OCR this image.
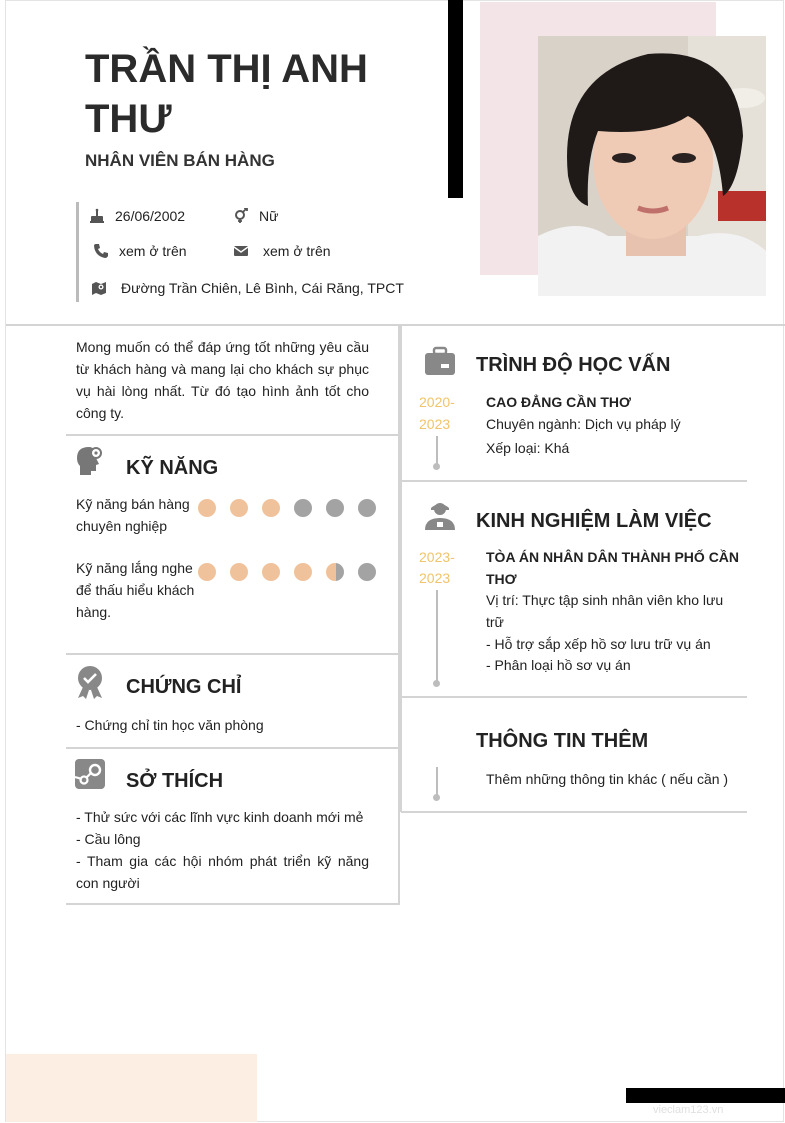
TRẦN THỊ ANH THƯ
NHÂN VIÊN BÁN HÀNG
26/06/2002	Nữ
xem ở trên	xem ở trên
Đường Trần Chiên, Lê Bình, Cái Răng, TPCT
Mong muốn có thể đáp ứng tốt những yêu cầu từ khách hàng và mang lại cho khách sự phục vụ hài lòng nhất. Từ đó tạo hình ảnh tốt cho công ty.
KỸ NĂNG
Kỹ năng bán hàng chuyên nghiệp
Kỹ năng lắng nghe để thấu hiểu khách hàng.
CHỨNG CHỈ
- Chứng chỉ tin học văn phòng
SỞ THÍCH
- Thử sức với các lĩnh vực kinh doanh mới mẻ
- Cầu lông
- Tham gia các hội nhóm phát triển kỹ năng con người
TRÌNH ĐỘ HỌC VẤN
2020-
2023
CAO ĐẲNG CẦN THƠ
Chuyên ngành: Dịch vụ pháp lý
Xếp loại: Khá
KINH NGHIỆM LÀM VIỆC
2023-
2023
TÒA ÁN NHÂN DÂN THÀNH PHỐ CẦN THƠ
Vị trí: Thực tập sinh nhân viên kho lưu trữ
- Hỗ trợ sắp xếp hồ sơ lưu trữ vụ án
- Phân loại hồ sơ vụ án
THÔNG TIN THÊM
Thêm những thông tin khác ( nếu cần )
vieclam123.vn
